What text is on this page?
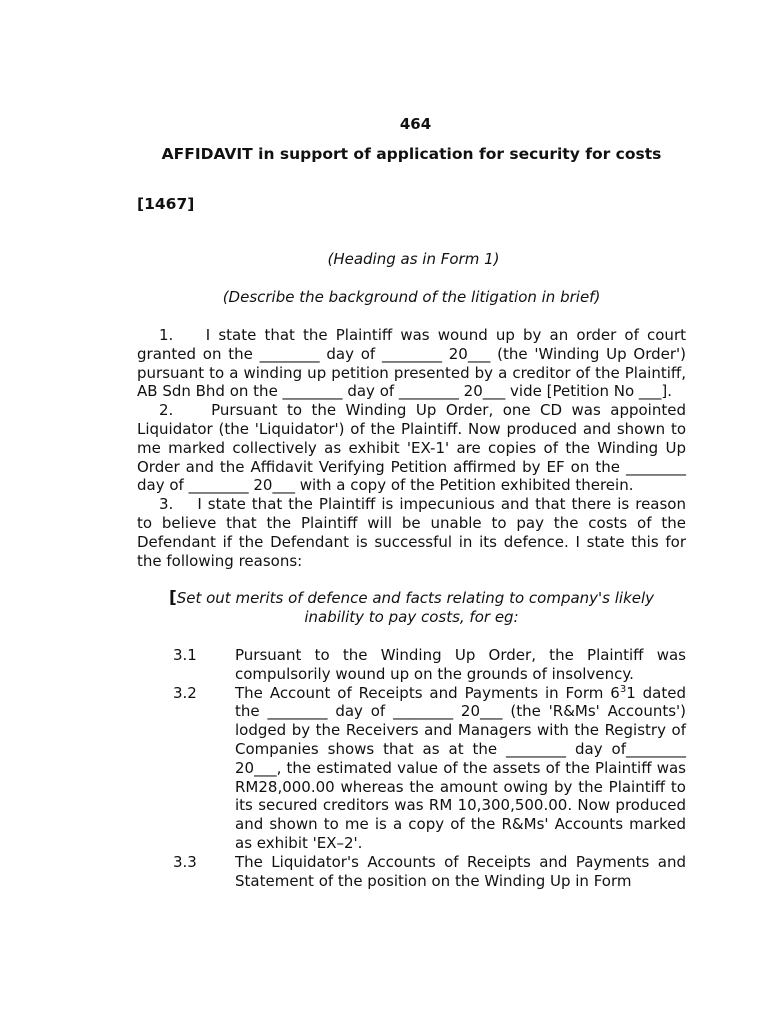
464

AFFIDAVIT in support of application for security for costs

[1467]

(Heading as in Form 1)

(Describe the background of the litigation in brief)

1.    I state that the Plaintiff was wound up by an order of court granted on the ________ day of ________ 20___ (the 'Winding Up Order') pursuant to a winding up petition presented by a creditor of the Plaintiff, AB Sdn Bhd on the ________ day of ________ 20___ vide [Petition No ___].

2.    Pursuant to the Winding Up Order, one CD was appointed Liquidator (the 'Liquidator') of the Plaintiff. Now produced and shown to me marked collectively as exhibit 'EX-1' are copies of the Winding Up Order and the Affidavit Verifying Petition affirmed by EF on the ________ day of ________ 20___ with a copy of the Petition exhibited therein.

3.    I state that the Plaintiff is impecunious and that there is reason to believe that the Plaintiff will be unable to pay the costs of the Defendant if the Defendant is successful in its defence. I state this for the following reasons:

[Set out merits of defence and facts relating to company's likely inability to pay costs, for eg:

3.1	Pursuant to the Winding Up Order, the Plaintiff was compulsorily wound up on the grounds of insolvency.
3.2	The Account of Receipts and Payments in Form $6^31$ dated the ________ day of ________ 20___ (the 'R&Ms' Accounts') lodged by the Receivers and Managers with the Registry of Companies shows that as at the ________ day of________ 20___, the estimated value of the assets of the Plaintiff was RM28,000.00 whereas the amount owing by the Plaintiff to its secured creditors was RM 10,300,500.00. Now produced and shown to me is a copy of the R&Ms' Accounts marked as exhibit 'EX–2'.
3.3	The Liquidator's Accounts of Receipts and Payments and Statement of the position on the Winding Up in Form
